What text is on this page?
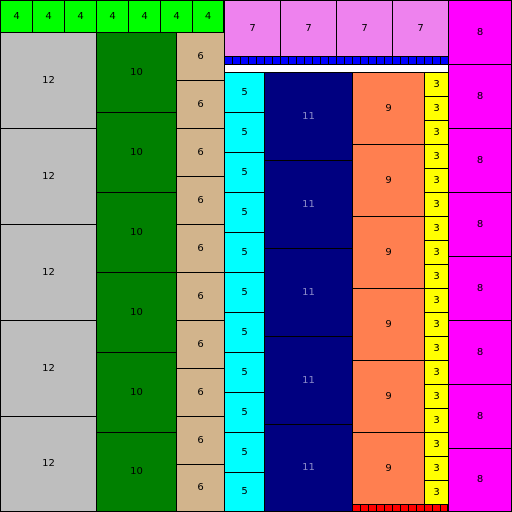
4	4	4	4	4	4	4
12
12
12
12
12
10
10
10
10
10
10
6
6
6
6
6
6
6
6
6
6
7	7	7	7	8
8
8
8
8
8
8
8
5
5
5
5
5
5
5
5
5
5
5
11
11
11
11
11
9
9
9
9
9
9
3
3
3
3
3
3
3
3
3
3
3
3
3
3
3
3
3
3
